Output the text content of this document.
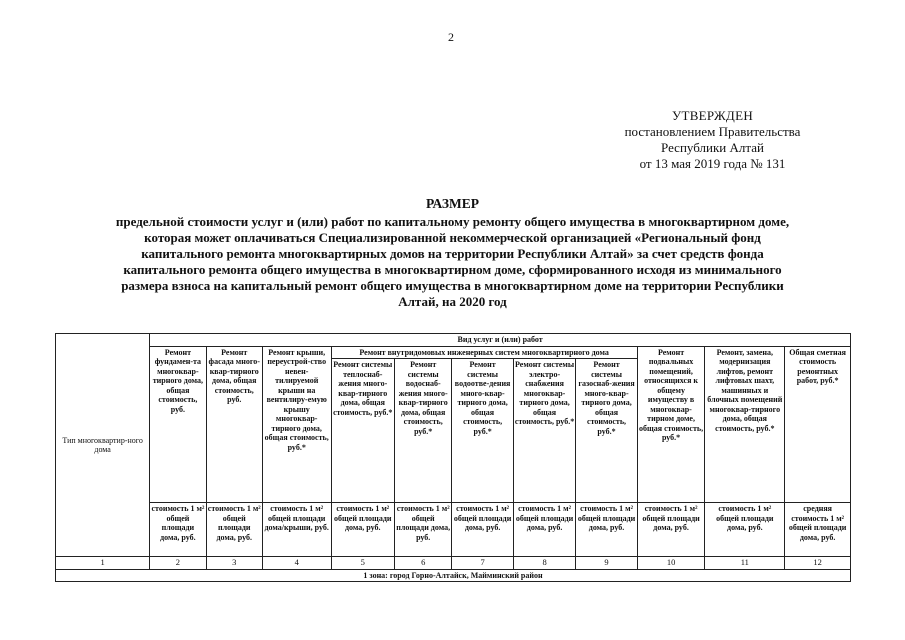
2
УТВЕРЖДЕН
постановлением Правительства
Республики Алтай
от 13 мая 2019 года № 131
РАЗМЕР
предельной стоимости услуг и (или) работ по капитальному ремонту общего имущества в многоквартирном доме,
которая может оплачиваться Специализированной некоммерческой организацией «Региональный фонд
капитального ремонта многоквартирных домов на территории Республики Алтай» за счет средств фонда
капитального ремонта общего имущества в многоквартирном доме, сформированного исходя из минимального
размера взноса на капитальный ремонт общего имущества в многоквартирном доме на территории Республики
Алтай, на 2020 год
Тип многоквартир-ного дома	Вид услуг и (или) работ										
	Ремонт фундамен-та многоквар-тирного дома, общая стоимость, руб.	Ремонт фасада много-квар-тирного дома, общая стоимость, руб.	Ремонт крыши, переустрой-ство невен-тилируемой крыши на вентилиру-емую крышу многоквар-тирного дома, общая стоимость, руб.*	Ремонт внутридомовых инженерных систем многоквартирного дома					Ремонт подвальных помещений, относящихся к общему имуществу в многоквар-тирном доме, общая стоимость, руб.*	Ремонт, замена, модернизация лифтов, ремонт лифтовых шахт, машинных и блочных помещений многоквар-тирного дома, общая стоимость, руб.*	Общая сметная стоимость ремонтных работ, руб.*
				Ремонт системы теплоснаб-жения много-квар-тирного дома, общая стоимость, руб.*	Ремонт системы водоснаб-жения много-квар-тирного дома, общая стоимость, руб.*	Ремонт системы водоотве-дения много-квар-тирного дома, общая стоимость, руб.*	Ремонт системы электро-снабжения многоквар-тирного дома, общая стоимость, руб.*	Ремонт системы газоснаб-жения много-квар-тирного дома, общая стоимость, руб.*			
	стоимость 1 м² общей площади дома, руб.	стоимость 1 м² общей площади дома, руб.	стоимость 1 м² общей площади дома/крыши, руб.	стоимость 1 м² общей площади дома, руб.	стоимость 1 м² общей площади дома, руб.	стоимость 1 м² общей площади дома, руб.	стоимость 1 м² общей площади дома, руб.	стоимость 1 м² общей площади дома, руб.	стоимость 1 м² общей площади дома, руб.	стоимость 1 м² общей площади дома, руб.	средняя стоимость 1 м² общей площади дома, руб.
1	2	3	4	5	6	7	8	9	10	11	12
1 зона: город Горно-Алтайск, Майминский район											
